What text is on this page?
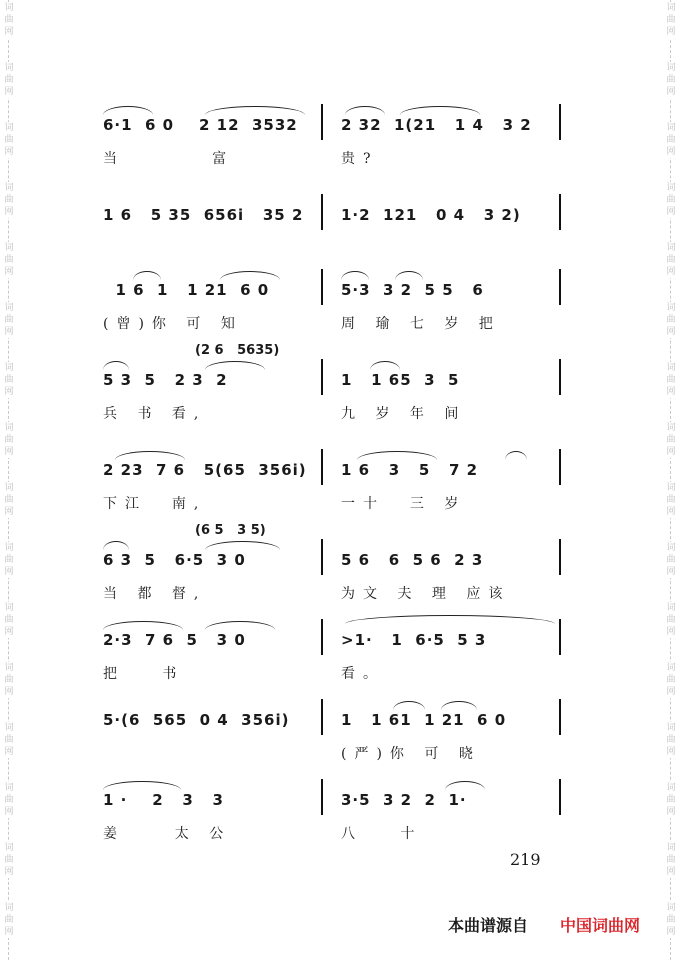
词
曲
网
词
曲
网
词
曲
网
词
曲
网
词
曲
网
词
曲
网
词
曲
网
词
曲
网
词
曲
网
词
曲
网
词
曲
网
词
曲
网
词
曲
网
词
曲
网
词
曲
网
词
曲
网
词
曲
网
词
曲
网
词
曲
网
词
曲
网
词
曲
网
词
曲
网
词
曲
网
词
曲
网
词
曲
网
词
曲
网
词
曲
网
词
曲
网
词
曲
网
词
曲
网
词
曲
网
词
曲
网
6·1  6 0    2 12  3532	2 32  1(21   1 4   3 2
当       富	贵?
1 6   5 35  656i   35 2	1·2  121   0 4   3 2)
1 6  1   1 21  6 0	5·3  3 2  5 5   6
(曾)你 可 知	周 瑜 七 岁 把
(2 6   5635)
5 3  5   2 3  2	1   1 65  3  5
兵 书 看,	九 岁 年 间
2 23  7 6   5(65  356i) 1 6   3   5   7 2
下江  南,	一十  三 岁
(6 5   3 5)
6 3  5   6·5  3 0	5 6   6  5 6  2 3
当 都 督,	为文 夫 理 应该
2·3  7 6  5   3 0	>1·   1  6·5  5 3
把   书	看。
5·(6  565  0 4  356i)	1   1 61  1 21  6 0
(严)你 可 晓
1 ·    2   3   3	3·5  3 2  2  1·
姜    太 公	八   十
219
本曲谱源自 中国词曲网
